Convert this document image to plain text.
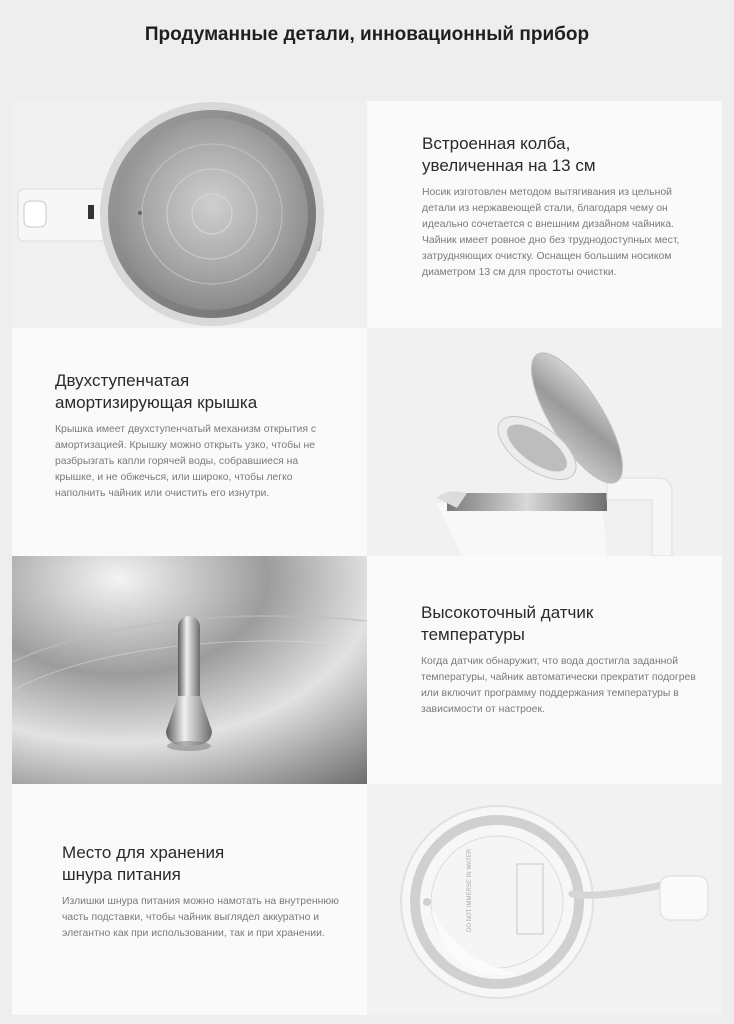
Продуманные детали, инновационный прибор
Встроенная колба,
увеличенная на 13 см
Носик изготовлен методом вытягивания из цельной детали из нержавеющей стали, благодаря чему он идеально сочетается с внешним дизайном чайника. Чайник имеет ровное дно без труднодоступных мест, затрудняющих очистку. Оснащен большим носиком диаметром 13 см для простоты очистки.
Двухступенчатая
амортизирующая крышка
Крышка имеет двухступенчатый механизм открытия с амортизацией. Крышку можно открыть узко, чтобы не разбрызгать капли горячей воды, собравшиеся на крышке, и не обжечься, или широко, чтобы легко наполнить чайник или очистить его изнутри.
Высокоточный датчик
температуры
Когда датчик обнаружит, что вода достигла заданной температуры, чайник автоматически прекратит подогрев или включит программу поддержания температуры в зависимости от настроек.
Место для хранения
шнура питания
Излишки шнура питания можно намотать на внутреннюю часть подставки, чтобы чайник выглядел аккуратно и элегантно как при использовании, так и при хранении.
DO NOT IMMERSE IN WATER
